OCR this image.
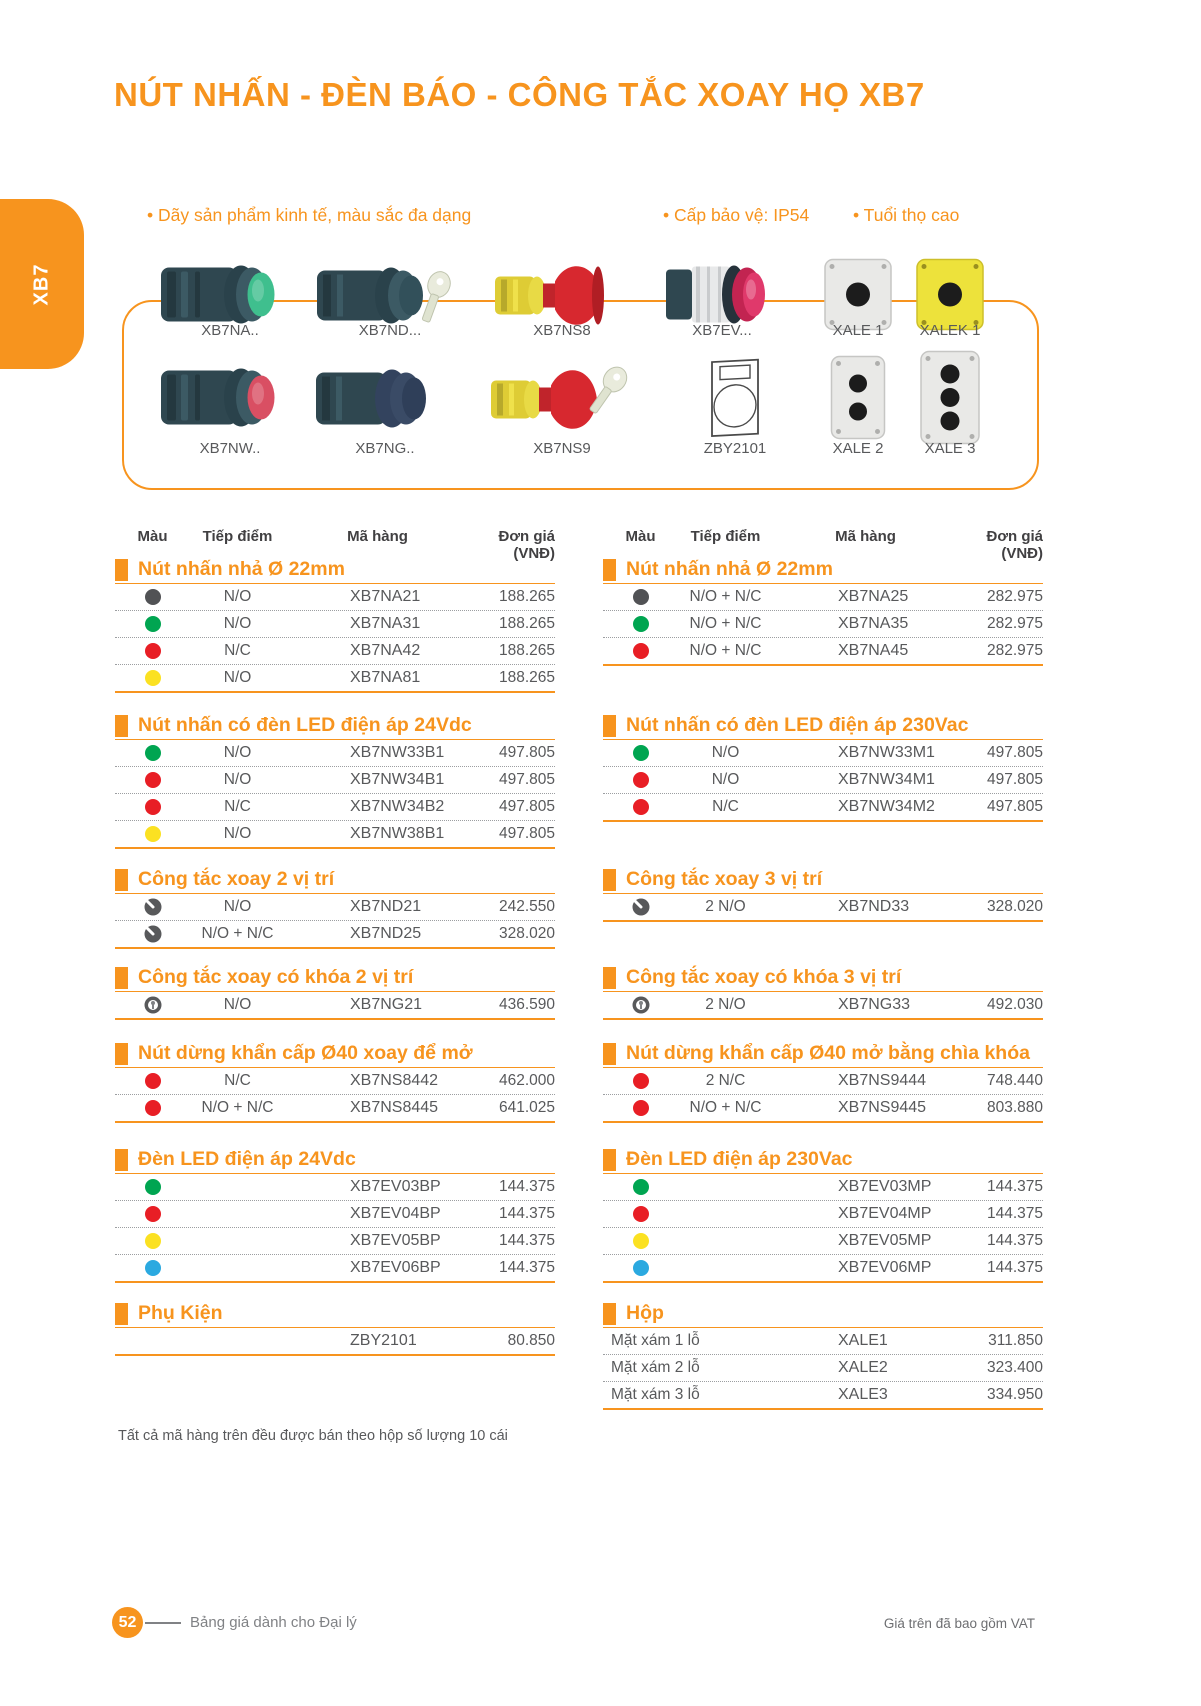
NÚT NHẤN - ĐÈN BÁO - CÔNG TẮC XOAY HỌ XB7
XB7
• Dãy sản phẩm kinh tế, màu sắc đa dạng	• Cấp bảo vệ: IP54	• Tuổi thọ cao
XB7NA..	XB7ND...	XB7NS8	XB7EV...	XALE 1 XALEK 1
XB7NW..	XB7NG..	XB7NS9	ZBY2101	XALE 2	XALE 3
Màu	Tiếp điểm	Mã hàng	Đơn giá (VNĐ)
Nút nhấn nhả Ø 22mm
N/O	XB7NA21	188.265
N/O	XB7NA31	188.265
N/C	XB7NA42	188.265
N/O	XB7NA81	188.265
Nút nhấn có đèn LED điện áp 24Vdc
N/O	XB7NW33B1	497.805
N/O	XB7NW34B1	497.805
N/C	XB7NW34B2	497.805
N/O	XB7NW38B1	497.805
Công tắc xoay 2 vị trí
N/O	XB7ND21	242.550
N/O + N/C	XB7ND25	328.020
Công tắc xoay có khóa 2 vị trí
N/O	XB7NG21	436.590
Nút dừng khẩn cấp Ø40 xoay để mở
N/C	XB7NS8442	462.000
N/O + N/C	XB7NS8445	641.025
Đèn LED điện áp 24Vdc
XB7EV03BP	144.375
XB7EV04BP	144.375
XB7EV05BP	144.375
XB7EV06BP	144.375
Phụ Kiện
ZBY2101	80.850
Màu	Tiếp điểm	Mã hàng	Đơn giá (VNĐ)
Nút nhấn nhả Ø 22mm
N/O + N/C	XB7NA25	282.975
N/O + N/C	XB7NA35	282.975
N/O + N/C	XB7NA45	282.975
Nút nhấn có đèn LED điện áp 230Vac
N/O	XB7NW33M1	497.805
N/O	XB7NW34M1	497.805
N/C	XB7NW34M2	497.805
Công tắc xoay 3 vị trí
2 N/O	XB7ND33	328.020
Công tắc xoay có khóa 3 vị trí
2 N/O	XB7NG33	492.030
Nút dừng khẩn cấp Ø40 mở bằng chìa khóa
2 N/C	XB7NS9444	748.440
N/O + N/C	XB7NS9445	803.880
Đèn LED điện áp 230Vac
XB7EV03MP	144.375
XB7EV04MP	144.375
XB7EV05MP	144.375
XB7EV06MP	144.375
Hộp
Mặt xám 1 lỗ	XALE1	311.850
Mặt xám 2 lỗ	XALE2	323.400
Mặt xám 3 lỗ	XALE3	334.950
Tất cả mã hàng trên đều được bán theo hộp số lượng 10 cái
52	Bảng giá dành cho Đại lý	Giá trên đã bao gồm VAT
